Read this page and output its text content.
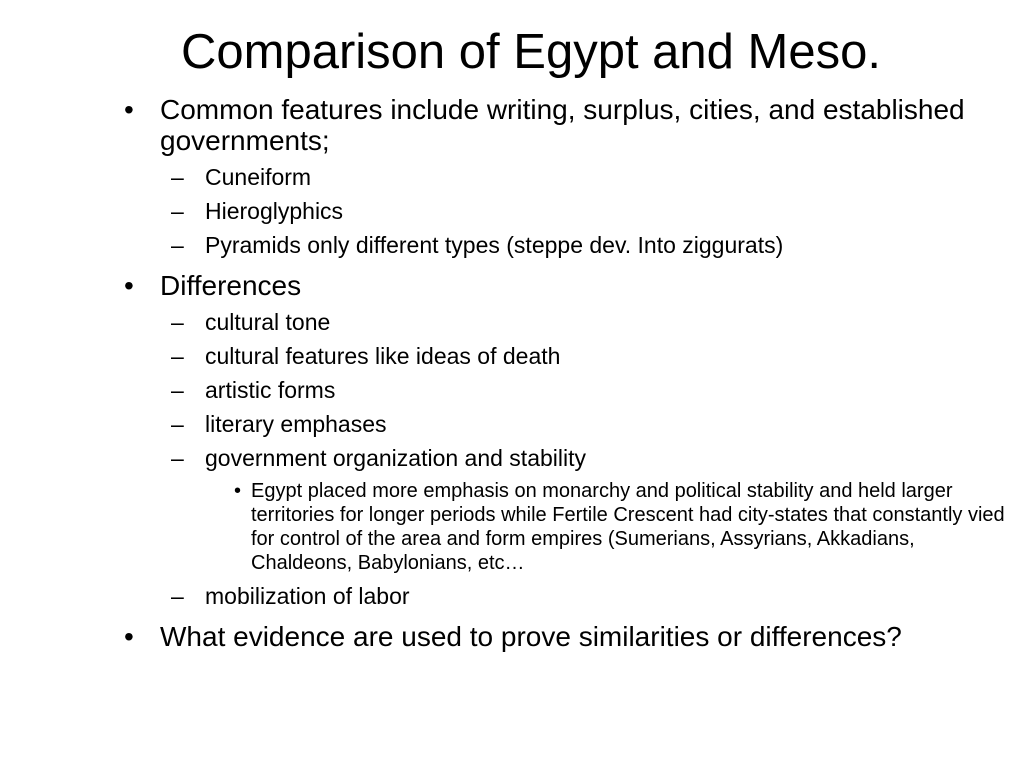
Comparison of Egypt and Meso.
• Common features include writing, surplus, cities, and established governments;
– Cuneiform
– Hieroglyphics
– Pyramids only different types (steppe dev. Into ziggurats)
• Differences
– cultural tone
– cultural features like ideas of death
– artistic forms
– literary emphases
– government organization and stability
• Egypt placed more emphasis on monarchy and political stability and held larger territories for longer periods while Fertile Crescent had city-states that constantly vied for control of the area and form empires (Sumerians, Assyrians, Akkadians, Chaldeons, Babylonians, etc…
– mobilization of labor
• What evidence are used to prove similarities or differences?
